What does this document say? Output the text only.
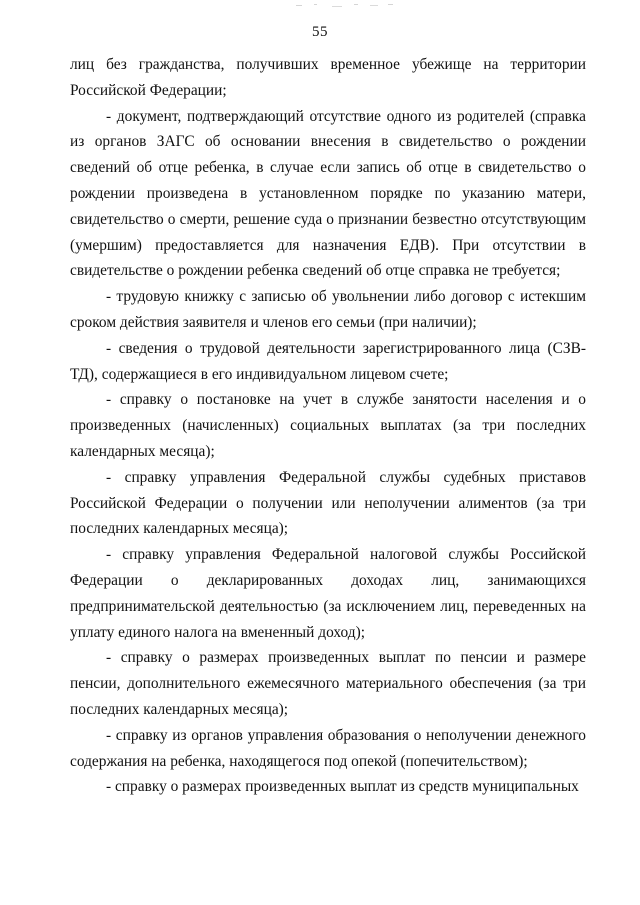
55

лиц без гражданства, получивших временное убежище на территории Российской Федерации;

- документ, подтверждающий отсутствие одного из родителей (справка из органов ЗАГС об основании внесения в свидетельство о рождении сведений об отце ребенка, в случае если запись об отце в свидетельство о рождении произведена в установленном порядке по указанию матери, свидетельство о смерти, решение суда о признании безвестно отсутствующим (умершим) предоставляется для назначения ЕДВ). При отсутствии в свидетельстве о рождении ребенка сведений об отце справка не требуется;

- трудовую книжку с записью об увольнении либо договор с истекшим сроком действия заявителя и членов его семьи (при наличии);

- сведения о трудовой деятельности зарегистрированного лица (СЗВ-ТД), содержащиеся в его индивидуальном лицевом счете;

- справку о постановке на учет в службе занятости населения и о произведенных (начисленных) социальных выплатах (за три последних календарных месяца);

- справку управления Федеральной службы судебных приставов Российской Федерации о получении или неполучении алиментов (за три последних календарных месяца);

- справку управления Федеральной налоговой службы Российской Федерации о декларированных доходах лиц, занимающихся предпринимательской деятельностью (за исключением лиц, переведенных на уплату единого налога на вмененный доход);

- справку о размерах произведенных выплат по пенсии и размере пенсии, дополнительного ежемесячного материального обеспечения (за три последних календарных месяца);

- справку из органов управления образования о неполучении денежного содержания на ребенка, находящегося под опекой (попечительством);

- справку о размерах произведенных выплат из средств муниципальных
